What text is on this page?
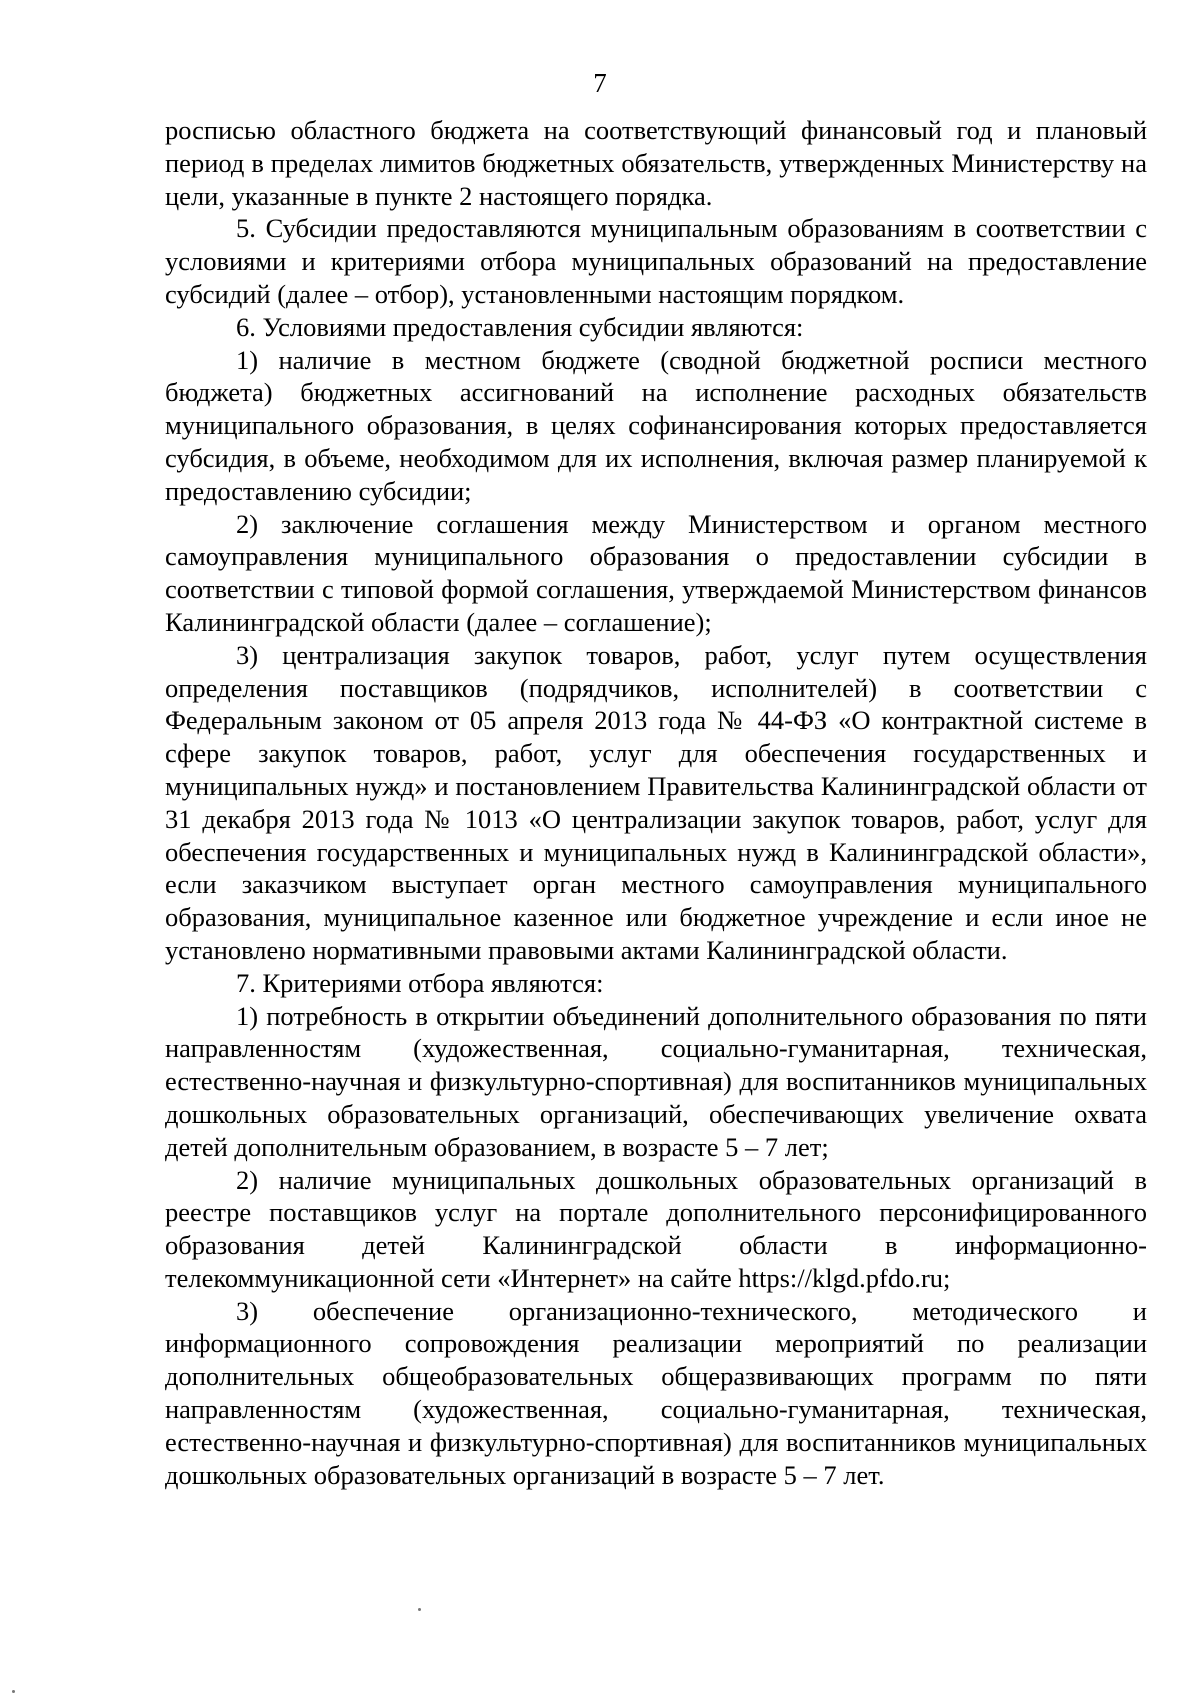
7

росписью областного бюджета на соответствующий финансовый год и плановый период в пределах лимитов бюджетных обязательств, утвержденных Министерству на цели, указанные в пункте 2 настоящего порядка.

5. Субсидии предоставляются муниципальным образованиям в соответствии с условиями и критериями отбора муниципальных образований на предоставление субсидий (далее – отбор), установленными настоящим порядком.

6. Условиями предоставления субсидии являются:

1) наличие в местном бюджете (сводной бюджетной росписи местного бюджета) бюджетных ассигнований на исполнение расходных обязательств муниципального образования, в целях софинансирования которых предоставляется субсидия, в объеме, необходимом для их исполнения, включая размер планируемой к предоставлению субсидии;

2) заключение соглашения между Министерством и органом местного самоуправления муниципального образования о предоставлении субсидии в соответствии с типовой формой соглашения, утверждаемой Министерством финансов Калининградской области (далее – соглашение);

3) централизация закупок товаров, работ, услуг путем осуществления определения поставщиков (подрядчиков, исполнителей) в соответствии с Федеральным законом от 05 апреля 2013 года № 44-ФЗ «О контрактной системе в сфере закупок товаров, работ, услуг для обеспечения государственных и муниципальных нужд» и постановлением Правительства Калининградской области от 31 декабря 2013 года № 1013 «О централизации закупок товаров, работ, услуг для обеспечения государственных и муниципальных нужд в Калининградской области», если заказчиком выступает орган местного самоуправления муниципального образования, муниципальное казенное или бюджетное учреждение и если иное не установлено нормативными правовыми актами Калининградской области.

7. Критериями отбора являются:

1) потребность в открытии объединений дополнительного образования по пяти направленностям (художественная, социально-гуманитарная, техническая, естественно-научная и физкультурно-спортивная) для воспитанников муниципальных дошкольных образовательных организаций, обеспечивающих увеличение охвата детей дополнительным образованием, в возрасте 5 – 7 лет;

2) наличие муниципальных дошкольных образовательных организаций в реестре поставщиков услуг на портале дополнительного персонифицированного образования детей Калининградской области в информационно-телекоммуникационной сети «Интернет» на сайте https://klgd.pfdo.ru;

3) обеспечение организационно-технического, методического и информационного сопровождения реализации мероприятий по реализации дополнительных общеобразовательных общеразвивающих программ по пяти направленностям (художественная, социально-гуманитарная, техническая, естественно-научная и физкультурно-спортивная) для воспитанников муниципальных дошкольных образовательных организаций в возрасте 5 – 7 лет.
